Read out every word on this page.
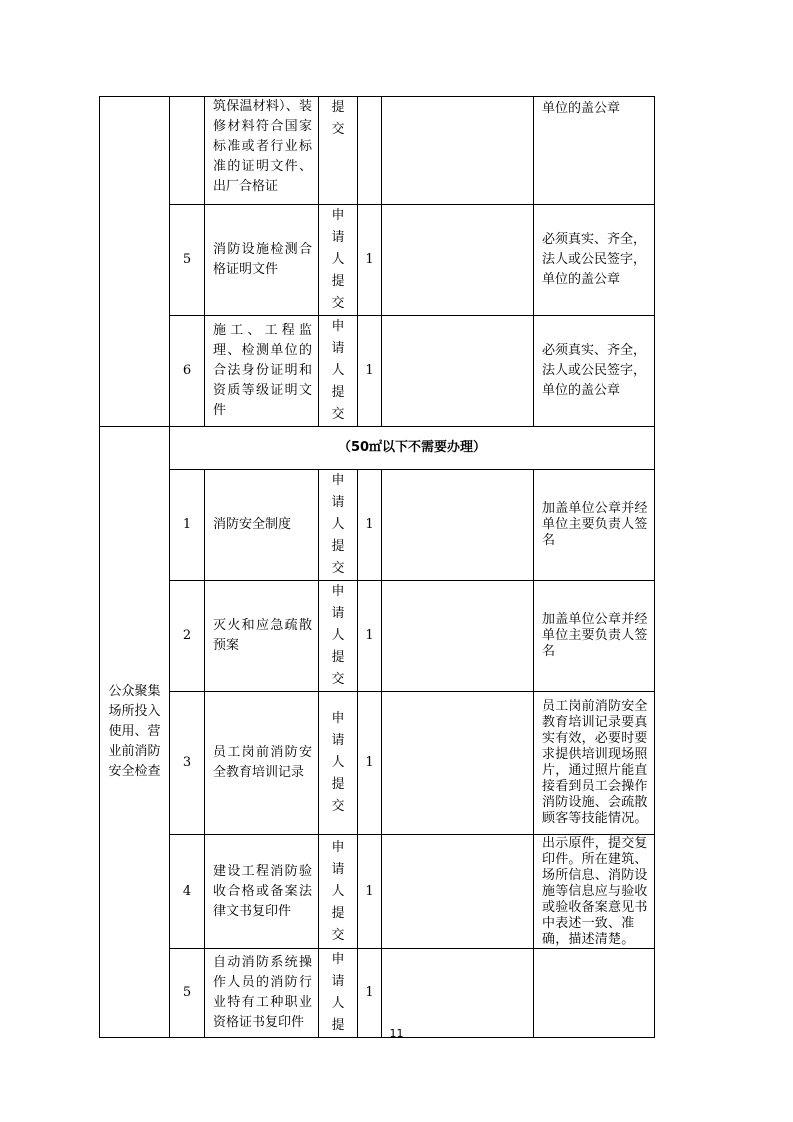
		筑保温材料）、装修材料符合国家标准或者行业标准的证明文件、出厂合格证	提交			单位的盖公章
	5	消防设施检测合格证明文件	申请人提交	1		必须真实、齐全，法人或公民签字，单位的盖公章
	6	施工、工程监理、检测单位的合法身份证明和资质等级证明文件	申请人提交	1		必须真实、齐全，法人或公民签字，单位的盖公章

公众聚集场所投入使用、营业前消防安全检查	（50㎡以下不需要办理）					
	1	消防安全制度	申请人提交	1		加盖单位公章并经单位主要负责人签名
	2	灭火和应急疏散预案	申请人提交	1		加盖单位公章并经单位主要负责人签名
	3	员工岗前消防安全教育培训记录	申请人提交	1		员工岗前消防安全教育培训记录要真实有效，必要时要求提供培训现场照片，通过照片能直接看到员工会操作消防设施、会疏散顾客等技能情况。
	4	建设工程消防验收合格或备案法律文书复印件	申请人提交	1		出示原件，提交复印件。所在建筑、场所信息、消防设施等信息应与验收或验收备案意见书中表述一致、准确，描述清楚。
	5	自动消防系统操作人员的消防行业特有工种职业资格证书复印件	申请人提	1		
11
